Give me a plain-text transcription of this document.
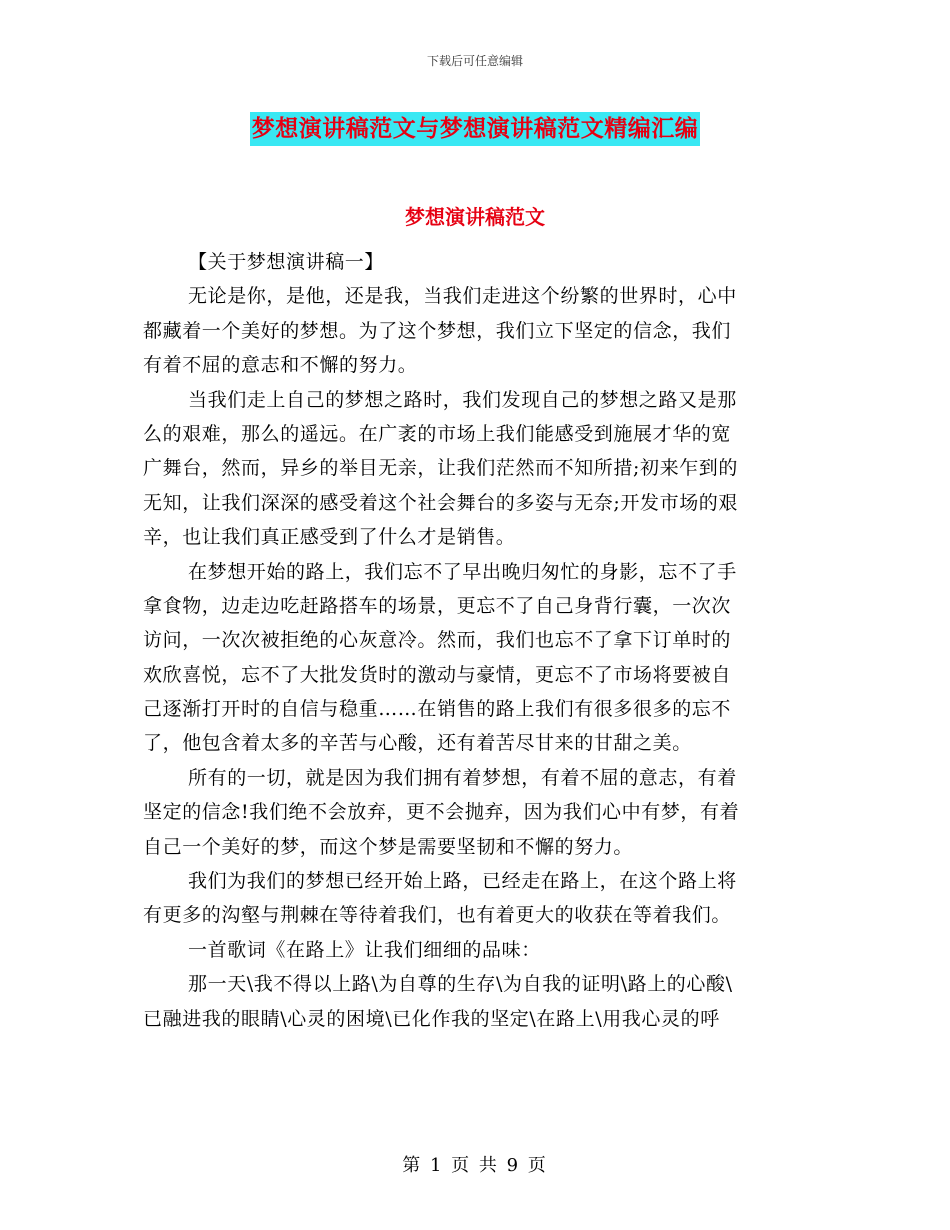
下载后可任意编辑
梦想演讲稿范文与梦想演讲稿范文精编汇编
梦想演讲稿范文
【关于梦想演讲稿一】
无论是你，是他，还是我，当我们走进这个纷繁的世界时，心中
都藏着一个美好的梦想。为了这个梦想，我们立下坚定的信念，我们
有着不屈的意志和不懈的努力。
当我们走上自己的梦想之路时，我们发现自己的梦想之路又是那
么的艰难，那么的遥远。在广袤的市场上我们能感受到施展才华的宽
广舞台，然而，异乡的举目无亲，让我们茫然而不知所措;初来乍到的
无知，让我们深深的感受着这个社会舞台的多姿与无奈;开发市场的艰
辛，也让我们真正感受到了什么才是销售。
在梦想开始的路上，我们忘不了早出晚归匆忙的身影，忘不了手
拿食物，边走边吃赶路搭车的场景，更忘不了自己身背行囊，一次次
访问，一次次被拒绝的心灰意冷。然而，我们也忘不了拿下订单时的
欢欣喜悦，忘不了大批发货时的激动与豪情，更忘不了市场将要被自
己逐渐打开时的自信与稳重……在销售的路上我们有很多很多的忘不
了，他包含着太多的辛苦与心酸，还有着苦尽甘来的甘甜之美。
所有的一切，就是因为我们拥有着梦想，有着不屈的意志，有着
坚定的信念!我们绝不会放弃，更不会抛弃，因为我们心中有梦，有着
自己一个美好的梦，而这个梦是需要坚韧和不懈的努力。
我们为我们的梦想已经开始上路，已经走在路上，在这个路上将
有更多的沟壑与荆棘在等待着我们，也有着更大的收获在等着我们。
一首歌词《在路上》让我们细细的品味：
那一天\我不得以上路\为自尊的生存\为自我的证明\路上的心酸\
已融进我的眼睛\心灵的困境\已化作我的坚定\在路上\用我心灵的呼
第 1 页 共 9 页
